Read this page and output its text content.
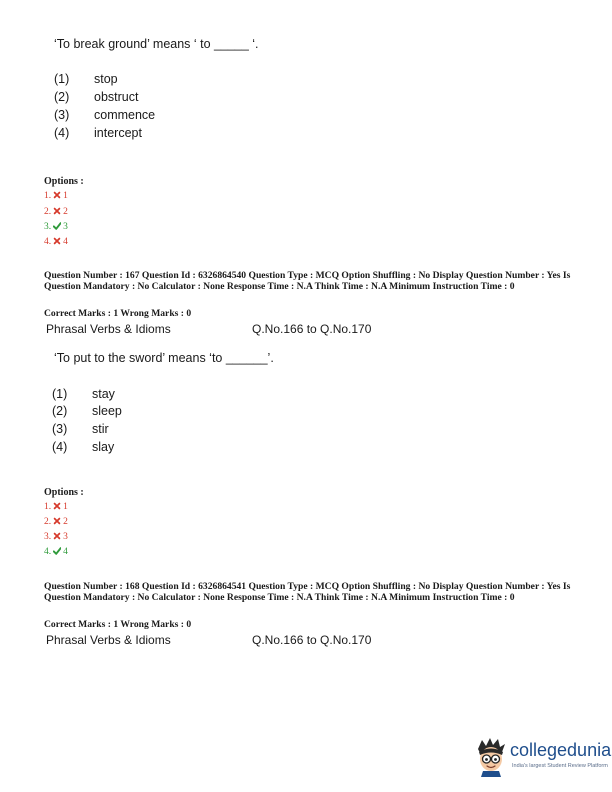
‘To break ground’ means ‘ to _____ ‘.
(1) stop
(2) obstruct
(3) commence
(4) intercept
Options :
1. 1
2. 2
3. 3
4. 4
Question Number : 167 Question Id : 6326864540 Question Type : MCQ Option Shuffling : No Display Question Number : Yes Is Question Mandatory : No Calculator : None Response Time : N.A Think Time : N.A Minimum Instruction Time : 0
Correct Marks : 1 Wrong Marks : 0
Phrasal Verbs & Idioms	Q.No.166 to Q.No.170
‘To put to the sword’ means ‘to ______’.
(1) stay
(2) sleep
(3) stir
(4) slay
Options :
1. 1
2. 2
3. 3
4. 4
Question Number : 168 Question Id : 6326864541 Question Type : MCQ Option Shuffling : No Display Question Number : Yes Is Question Mandatory : No Calculator : None Response Time : N.A Think Time : N.A Minimum Instruction Time : 0
Correct Marks : 1 Wrong Marks : 0
Phrasal Verbs & Idioms	Q.No.166 to Q.No.170
collegedunia
India's largest Student Review Platform
